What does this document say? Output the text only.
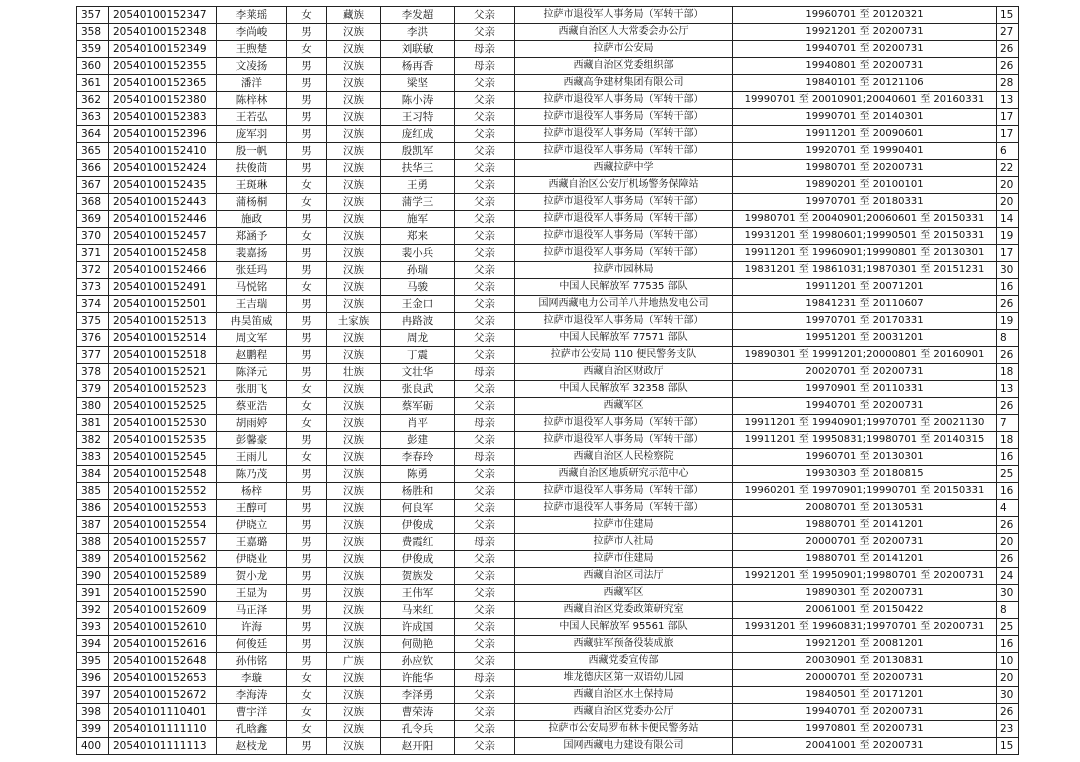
357	20540100152347	李莱瑶	女	藏族	李发超	父亲	拉萨市退役军人事务局（军转干部）	19960701 至 20120321	15
358	20540100152348	李尚峻	男	汉族	李洪	父亲	西藏自治区人大常委会办公厅	19921201 至 20200731	27
359	20540100152349	王煦楚	女	汉族	刘联敏	母亲	拉萨市公安局	19940701 至 20200731	26
360	20540100152355	文凌扬	男	汉族	杨再香	母亲	西藏自治区党委组织部	19940801 至 20200731	26
361	20540100152365	潘洋	男	汉族	梁坚	父亲	西藏高争建材集团有限公司	19840101 至 20121106	28
362	20540100152380	陈梓林	男	汉族	陈小涛	父亲	拉萨市退役军人事务局（军转干部）	19990701 至 20010901;20040601 至 20160331	13
363	20540100152383	王若弘	男	汉族	王习特	父亲	拉萨市退役军人事务局（军转干部）	19990701 至 20140301	17
364	20540100152396	庞军羽	男	汉族	庞红成	父亲	拉萨市退役军人事务局（军转干部）	19911201 至 20090601	17
365	20540100152410	殷一帆	男	汉族	殷凯军	父亲	拉萨市退役军人事务局（军转干部）	19920701 至 19990401	6
366	20540100152424	扶俊茼	男	汉族	扶华三	父亲	西藏拉萨中学	19980701 至 20200731	22
367	20540100152435	王斑琳	女	汉族	王勇	父亲	西藏自治区公安厅机场警务保障站	19890201 至 20100101	20
368	20540100152443	蒲杨桐	女	汉族	蒲学三	父亲	拉萨市退役军人事务局（军转干部）	19970701 至 20180331	20
369	20540100152446	施政	男	汉族	施军	父亲	拉萨市退役军人事务局（军转干部）	19980701 至 20040901;20060601 至 20150331	14
370	20540100152457	郑涵予	女	汉族	郑来	父亲	拉萨市退役军人事务局（军转干部）	19931201 至 19980601;19990501 至 20150331	19
371	20540100152458	裴嘉扬	男	汉族	裴小兵	父亲	拉萨市退役军人事务局（军转干部）	19911201 至 19960901;19990801 至 20130301	17
372	20540100152466	张廷玛	男	汉族	孙瑞	父亲	拉萨市园林局	19831201 至 19861031;19870301 至 20151231	30
373	20540100152491	马悦铭	女	汉族	马骏	父亲	中国人民解放军 77535 部队	19911201 至 20071201	16
374	20540100152501	王吉瑞	男	汉族	王金口	父亲	国网西藏电力公司羊八井地热发电公司	19841231 至 20110607	26
375	20540100152513	冉昊笛威	男	土家族	冉路波	父亲	拉萨市退役军人事务局（军转干部）	19970701 至 20170331	19
376	20540100152514	周文军	男	汉族	周龙	父亲	中国人民解放军 77571 部队	19951201 至 20031201	8
377	20540100152518	赵鹏程	男	汉族	丁震	父亲	拉萨市公安局 110 便民警务支队	19890301 至 19991201;20000801 至 20160901	26
378	20540100152521	陈泽元	男	壮族	文壮华	母亲	西藏自治区财政厅	20020701 至 20200731	18
379	20540100152523	张朋飞	女	汉族	张良武	父亲	中国人民解放军 32358 部队	19970901 至 20110331	13
380	20540100152525	蔡亚浩	女	汉族	蔡军砺	父亲	西藏军区	19940701 至 20200731	26
381	20540100152530	胡雨婷	女	汉族	肖平	母亲	拉萨市退役军人事务局（军转干部）	19911201 至 19940901;19970701 至 20021130	7
382	20540100152535	彭馨豪	男	汉族	彭建	父亲	拉萨市退役军人事务局（军转干部）	19911201 至 19950831;19980701 至 20140315	18
383	20540100152545	王雨儿	女	汉族	李春玲	母亲	西藏自治区人民检察院	19960701 至 20130301	16
384	20540100152548	陈乃茂	男	汉族	陈勇	父亲	西藏自治区地质研究示范中心	19930303 至 20180815	25
385	20540100152552	杨梓	男	汉族	杨胜和	父亲	拉萨市退役军人事务局（军转干部）	19960201 至 19970901;19990701 至 20150331	16
386	20540100152553	王醇可	男	汉族	何良军	父亲	拉萨市退役军人事务局（军转干部）	20080701 至 20130531	4
387	20540100152554	伊晓立	男	汉族	伊俊成	父亲	拉萨市住建局	19880701 至 20141201	26
388	20540100152557	王嘉璐	男	汉族	费霞红	母亲	拉萨市人社局	20000701 至 20200731	20
389	20540100152562	伊晓业	男	汉族	伊俊成	父亲	拉萨市住建局	19880701 至 20141201	26
390	20540100152589	贺小龙	男	汉族	贺族发	父亲	西藏自治区司法厅	19921201 至 19950901;19980701 至 20200731	24
391	20540100152590	王显为	男	汉族	王伟军	父亲	西藏军区	19890301 至 20200731	30
392	20540100152609	马正泽	男	汉族	马来红	父亲	西藏自治区党委政策研究室	20061001 至 20150422	8
393	20540100152610	许海	男	汉族	许成国	父亲	中国人民解放军 95561 部队	19931201 至 19960831;19970701 至 20200731	25
394	20540100152616	何俊廷	男	汉族	何勋艳	父亲	西藏驻军预备役装成旅	19921201 至 20081201	16
395	20540100152648	孙伟铭	男	广族	孙应钦	父亲	西藏党委宣传部	20030901 至 20130831	10
396	20540100152653	李璇	女	汉族	许能华	母亲	堆龙德庆区第一双语幼儿园	20000701 至 20200731	20
397	20540100152672	李海涛	女	汉族	李泽勇	父亲	西藏自治区水土保持局	19840501 至 20171201	30
398	20540101110401	曹宇洋	女	汉族	曹荣涛	父亲	西藏自治区党委办公厅	19940701 至 20200731	26
399	20540101111110	孔晗鑫	女	汉族	孔令兵	父亲	拉萨市公安局罗布林卡便民警务站	19970801 至 20200731	23
400	20540101111113	赵枝龙	男	汉族	赵开阳	父亲	国网西藏电力建设有限公司	20041001 至 20200731	15
